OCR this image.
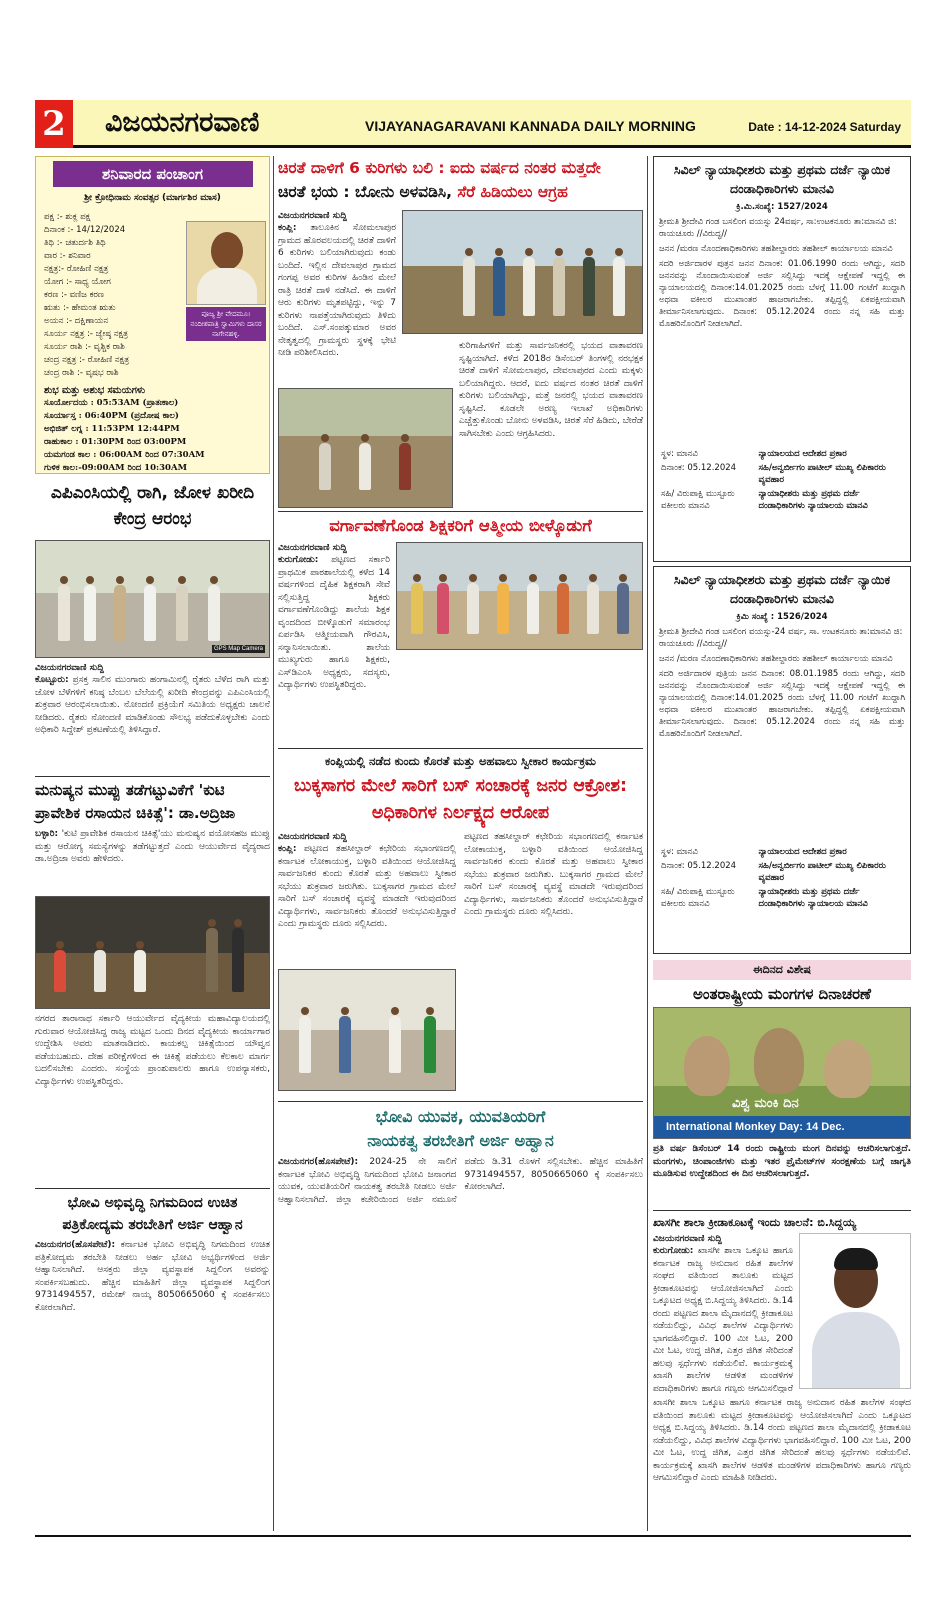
2 ವಿಜಯನಗರವಾಣಿ	VIJAYANAGARAVANI KANNADA DAILY MORNING	Date : 14-12-2024 Saturday
ಶನಿವಾರದ ಪಂಚಾಂಗ
ಶ್ರೀ ಕ್ರೋಧಿನಾಮ ಸಂವತ್ಸರ (ಮಾರ್ಗಶಿರ ಮಾಸ)
ಪಕ್ಷ :- ಶುಕ್ಲ ಪಕ್ಷ
ದಿನಾಂಕ :- 14/12/2024
ತಿಥಿ :- ಚತುರ್ದಶಿ ತಿಥಿ
ವಾರ :- ಶನಿವಾರ
ನಕ್ಷತ್ರ:- ರೋಹಿಣಿ ನಕ್ಷತ್ರ
ಯೋಗ :- ಸಾಧ್ಯ ಯೋಗ
ಕರಣ :- ವಣಿಜ ಕರಣ
ಋತು :- ಹೇಮಂತ ಋತು
ಅಯನ :- ದಕ್ಷಿಣಾಯನ
ಸೂರ್ಯ ನಕ್ಷತ್ರ :- ಜ್ಯೇಷ್ಠ ನಕ್ಷತ್ರ
ಸೂರ್ಯ ರಾಶಿ :- ವೃಶ್ಚಿಕ ರಾಶಿ
ಚಂದ್ರ ನಕ್ಷತ್ರ :- ರೋಹಿಣಿ ನಕ್ಷತ್ರ
ಚಂದ್ರ ರಾಶಿ :- ವೃಷಭ ರಾಶಿ
ಪೂಜ್ಯ ಶ್ರೀ ವೇದಮೂ। ನಂದೀಶಪಾತ್ರಿ ಸ್ವಾಮಿಗಳು ದಾಸರ ನಾಗೇನಹಳ್ಳಿ.
ಶುಭ ಮತ್ತು ಅಶುಭ ಸಮಯಗಳು
ಸೂರ್ಯೋದಯ : 05:53AM (ಪ್ರಾತಃಕಾಲ)
ಸೂರ್ಯಾಸ್ತ : 06:40PM (ಪ್ರದೋಷ ಕಾಲ)
ಅಭಿಜಿತ್ ಲಗ್ನ : 11:53PM 12:44PM
ರಾಹುಕಾಲ : 01:30PM ರಿಂದ 03:00PM
ಯಮಗಂಡ ಕಾಲ : 06:00AM ರಿಂದ 07:30AM
ಗುಳಿಕ ಕಾಲ:-09:00AM ರಿಂದ 10:30AM
ಎಪಿಎಂಸಿಯಲ್ಲಿ ರಾಗಿ, ಜೋಳ ಖರೀದಿ ಕೇಂದ್ರ ಆರಂಭ
GPS Map Camera
ವಿಜಯನಗರವಾಣಿ ಸುದ್ದಿ

ಕೊಟ್ಟೂರು: ಪ್ರಸಕ್ತ ಸಾಲಿನ ಮುಂಗಾರು ಹಂಗಾಮಿನಲ್ಲಿ ರೈತರು ಬೆಳೆದ ರಾಗಿ ಮತ್ತು ಜೋಳ ಬೆಳೆಗಳಿಗೆ ಕನಿಷ್ಠ ಬೆಂಬಲ ಬೆಲೆಯಲ್ಲಿ ಖರೀದಿ ಕೇಂದ್ರವನ್ನು ಎಪಿಎಂಸಿಯಲ್ಲಿ ಶುಕ್ರವಾರ ಆರಂಭಿಸಲಾಯಿತು. ನೋಂದಣಿ ಪ್ರಕ್ರಿಯೆಗೆ ಸಮಿತಿಯ ಅಧ್ಯಕ್ಷರು ಚಾಲನೆ ನೀಡಿದರು. ರೈತರು ನೋಂದಣಿ ಮಾಡಿಕೊಂಡು ಸೌಲಭ್ಯ ಪಡೆದುಕೊಳ್ಳಬೇಕು ಎಂದು ಅಧಿಕಾರಿ ಸಿದ್ದೇಶ್ ಪ್ರಕಟಣೆಯಲ್ಲಿ ತಿಳಿಸಿದ್ದಾರೆ.

ಮನುಷ್ಯನ ಮುಪ್ಪು ತಡೆಗಟ್ಟುವಿಕೆಗೆ 'ಕುಟಿ ಪ್ರಾವೇಶಿಕ ರಸಾಯನ ಚಿಕಿತ್ಸೆ': ಡಾ.ಅದ್ರಿಜಾ

ಬಳ್ಳಾರಿ: 'ಕುಟಿ ಪ್ರಾವೇಶಿಕ ರಸಾಯನ ಚಿಕಿತ್ಸೆ'ಯು ಮನುಷ್ಯನ ವಯೋಸಹಜ ಮುಪ್ಪು ಮತ್ತು ಆರೋಗ್ಯ ಸಮಸ್ಯೆಗಳನ್ನು ತಡೆಗಟ್ಟುತ್ತದೆ ಎಂದು ಆಯುರ್ವೇದ ವೈದ್ಯರಾದ ಡಾ.ಅದ್ರಿಜಾ ಅವರು ಹೇಳಿದರು.

ನಗರದ ತಾರಾನಾಥ ಸರ್ಕಾರಿ ಆಯುರ್ವೇದ ವೈದ್ಯಕೀಯ ಮಹಾವಿದ್ಯಾಲಯದಲ್ಲಿ ಗುರುವಾರ ಆಯೋಜಿಸಿದ್ದ ರಾಜ್ಯ ಮಟ್ಟದ ಒಂದು ದಿನದ ವೈದ್ಯಕೀಯ ಕಾರ್ಯಾಗಾರ ಉದ್ದೇಶಿಸಿ ಅವರು ಮಾತನಾಡಿದರು. ಕಾಯಕಲ್ಪ ಚಿಕಿತ್ಸೆಯಿಂದ ಯೌವ್ವನ ಪಡೆಯಬಹುದು. ದೇಹ ಪರೀಕ್ಷೆಗಳಿಂದ ಈ ಚಿಕಿತ್ಸೆ ಪಡೆಯಲು ಕೆಲಕಾಲ ಮಾರ್ಗ ಬದಲಿಸಬೇಕು ಎಂದರು. ಸಂಸ್ಥೆಯ ಪ್ರಾಂಶುಪಾಲರು ಹಾಗೂ ಉಪನ್ಯಾಸಕರು, ವಿದ್ಯಾರ್ಥಿಗಳು ಉಪಸ್ಥಿತರಿದ್ದರು.

ಭೋವಿ ಅಭಿವೃದ್ಧಿ ನಿಗಮದಿಂದ ಉಚಿತ ಪತ್ರಿಕೋದ್ಯಮ ತರಬೇತಿಗೆ ಅರ್ಜಿ ಆಹ್ವಾನ

ವಿಜಯನಗರ(ಹೊಸಪೇಟೆ): ಕರ್ನಾಟಕ ಭೋವಿ ಅಭಿವೃದ್ಧಿ ನಿಗಮದಿಂದ ಉಚಿತ ಪತ್ರಿಕೋದ್ಯಮ ತರಬೇತಿ ನೀಡಲು ಅರ್ಹ ಭೋವಿ ಅಭ್ಯರ್ಥಿಗಳಿಂದ ಅರ್ಜಿ ಆಹ್ವಾನಿಸಲಾಗಿದೆ. ಆಸಕ್ತರು ಜಿಲ್ಲಾ ವ್ಯವಸ್ಥಾಪಕ ಸಿದ್ದಲಿಂಗ ಅವರನ್ನು ಸಂಪರ್ಕಿಸಬಹುದು. ಹೆಚ್ಚಿನ ಮಾಹಿತಿಗೆ ಜಿಲ್ಲಾ ವ್ಯವಸ್ಥಾಪಕ ಸಿದ್ದಲಿಂಗ 9731494557, ರಮೇಶ್ ನಾಯ್ಕ 8050665060 ಕ್ಕೆ ಸಂಪರ್ಕಿಸಲು ಕೋರಲಾಗಿದೆ.

ಚಿರತೆ ದಾಳಿಗೆ 6 ಕುರಿಗಳು ಬಲಿ : ಐದು ವರ್ಷದ ನಂತರ ಮತ್ತದೇ
ಚಿರತೆ ಭಯ : ಬೋನು ಅಳವಡಿಸಿ, ಸೆರೆ ಹಿಡಿಯಲು ಆಗ್ರಹ
ವಿಜಯನಗರವಾಣಿ ಸುದ್ದಿ

ಕಂಪ್ಲಿ: ತಾಲೂಕಿನ ಸೋಮಲಾಪುರ ಗ್ರಾಮದ ಹೊರವಲಯದಲ್ಲಿ ಚಿರತೆ ದಾಳಿಗೆ 6 ಕುರಿಗಳು ಬಲಿಯಾಗಿರುವುದು ಕಂಡು ಬಂದಿದೆ. ಇಲ್ಲಿನ ದೇವಲಾಪುರ ಗ್ರಾಮದ ಗಂಗಪ್ಪ ಅವರ ಕುರಿಗಳ ಹಿಂಡಿನ ಮೇಲೆ ರಾತ್ರಿ ಚಿರತೆ ದಾಳಿ ನಡೆಸಿದೆ. ಈ ದಾಳಿಗೆ ಆರು ಕುರಿಗಳು ಮೃತಪಟ್ಟಿದ್ದು, ಇನ್ನು 7 ಕುರಿಗಳು ನಾಪತ್ತೆಯಾಗಿರುವುದು ತಿಳಿದು ಬಂದಿದೆ. ಎಸ್.ಸಂಪತ್ಕುಮಾರ ಅವರ ನೇತೃತ್ವದಲ್ಲಿ ಗ್ರಾಮಸ್ಥರು ಸ್ಥಳಕ್ಕೆ ಭೇಟಿ ನೀಡಿ ಪರಿಶೀಲಿಸಿದರು.

ಕುರಿಗಾಹಿಗಳಿಗೆ ಮತ್ತು ಸಾರ್ವಜನಿಕರಲ್ಲಿ ಭಯದ ವಾತಾವರಣ ಸೃಷ್ಟಿಯಾಗಿದೆ. ಕಳೆದ 2018ರ ಡಿಸೆಂಬರ್ ತಿಂಗಳಲ್ಲಿ ನರಭಕ್ಷಕ ಚಿರತೆ ದಾಳಿಗೆ ಸೋಮಲಾಪುರ, ದೇವಲಾಪುರದ ಎಂದು ಮಕ್ಕಳು ಬಲಿಯಾಗಿದ್ದರು. ಆದರೆ, ಐದು ವರ್ಷದ ನಂತರ ಚಿರತೆ ದಾಳಿಗೆ ಕುರಿಗಳು ಬಲಿಯಾಗಿದ್ದು, ಮತ್ತೆ ಜನರಲ್ಲಿ ಭಯದ ವಾತಾವರಣ ಸೃಷ್ಟಿಸಿದೆ. ಕೂಡಲೇ ಅರಣ್ಯ ಇಲಾಖೆ ಅಧಿಕಾರಿಗಳು ಎಚ್ಚೆತ್ತುಕೊಂಡು ಬೋನು ಅಳವಡಿಸಿ, ಚಿರತೆ ಸೆರೆ ಹಿಡಿದು, ಬೇರೆಡೆ ಸಾಗಿಸಬೇಕು ಎಂದು ಆಗ್ರಹಿಸಿದರು.

ವರ್ಗಾವಣೆಗೊಂಡ ಶಿಕ್ಷಕರಿಗೆ ಆತ್ಮೀಯ ಬೀಳ್ಕೊಡುಗೆ
ವಿಜಯನಗರವಾಣಿ ಸುದ್ದಿ

ಕುರುಗೋಡು: ಪಟ್ಟಣದ ಸರ್ಕಾರಿ ಪ್ರಾಥಮಿಕ ಪಾಠಶಾಲೆಯಲ್ಲಿ ಕಳೆದ 14 ವರ್ಷಗಳಿಂದ ದೈಹಿಕ ಶಿಕ್ಷಕರಾಗಿ ಸೇವೆ ಸಲ್ಲಿಸುತ್ತಿದ್ದ ಶಿಕ್ಷಕರು ವರ್ಗಾವಣೆಗೊಂಡಿದ್ದು ಶಾಲೆಯ ಶಿಕ್ಷಕ ವೃಂದದಿಂದ ಬೀಳ್ಕೊಡುಗೆ ಸಮಾರಂಭ ಏರ್ಪಡಿಸಿ ಆತ್ಮೀಯವಾಗಿ ಗೌರವಿಸಿ, ಸನ್ಮಾನಿಸಲಾಯಿತು. ಶಾಲೆಯ ಮುಖ್ಯಗುರು ಹಾಗೂ ಶಿಕ್ಷಕರು, ಎಸ್‌ಡಿಎಂಸಿ ಅಧ್ಯಕ್ಷರು, ಸದಸ್ಯರು, ವಿದ್ಯಾರ್ಥಿಗಳು ಉಪಸ್ಥಿತರಿದ್ದರು.

ಕಂಪ್ಲಿಯಲ್ಲಿ ನಡೆದ ಕುಂದು ಕೊರತೆ ಮತ್ತು ಅಹವಾಲು ಸ್ವೀಕಾರ ಕಾರ್ಯಕ್ರಮ
ಬುಕ್ಕಸಾಗರ ಮೇಲೆ ಸಾರಿಗೆ ಬಸ್ ಸಂಚಾರಕ್ಕೆ ಜನರ ಆಕ್ರೋಶ: ಅಧಿಕಾರಿಗಳ ನಿರ್ಲಕ್ಷ್ಯದ ಆರೋಪ
ವಿಜಯನಗರವಾಣಿ ಸುದ್ದಿ

ಕಂಪ್ಲಿ: ಪಟ್ಟಣದ ತಹಸೀಲ್ದಾರ್ ಕಛೇರಿಯ ಸಭಾಂಗಣದಲ್ಲಿ ಕರ್ನಾಟಕ ಲೋಕಾಯುಕ್ತ, ಬಳ್ಳಾರಿ ವತಿಯಿಂದ ಆಯೋಜಿಸಿದ್ದ ಸಾರ್ವಜನಿಕರ ಕುಂದು ಕೊರತೆ ಮತ್ತು ಅಹವಾಲು ಸ್ವೀಕಾರ ಸಭೆಯು ಶುಕ್ರವಾರ ಜರುಗಿತು. ಬುಕ್ಕಸಾಗರ ಗ್ರಾಮದ ಮೇಲೆ ಸಾರಿಗೆ ಬಸ್ ಸಂಚಾರಕ್ಕೆ ವ್ಯವಸ್ಥೆ ಮಾಡದೇ ಇರುವುದರಿಂದ ವಿದ್ಯಾರ್ಥಿಗಳು, ಸಾರ್ವಜನಿಕರು ತೊಂದರೆ ಅನುಭವಿಸುತ್ತಿದ್ದಾರೆ ಎಂದು ಗ್ರಾಮಸ್ಥರು ದೂರು ಸಲ್ಲಿಸಿದರು.

ಪಟ್ಟಣದ ತಹಸೀಲ್ದಾರ್ ಕಛೇರಿಯ ಸಭಾಂಗಣದಲ್ಲಿ ಕರ್ನಾಟಕ ಲೋಕಾಯುಕ್ತ, ಬಳ್ಳಾರಿ ವತಿಯಿಂದ ಆಯೋಜಿಸಿದ್ದ ಸಾರ್ವಜನಿಕರ ಕುಂದು ಕೊರತೆ ಮತ್ತು ಅಹವಾಲು ಸ್ವೀಕಾರ ಸಭೆಯು ಶುಕ್ರವಾರ ಜರುಗಿತು. ಬುಕ್ಕಸಾಗರ ಗ್ರಾಮದ ಮೇಲೆ ಸಾರಿಗೆ ಬಸ್ ಸಂಚಾರಕ್ಕೆ ವ್ಯವಸ್ಥೆ ಮಾಡದೇ ಇರುವುದರಿಂದ ವಿದ್ಯಾರ್ಥಿಗಳು, ಸಾರ್ವಜನಿಕರು ತೊಂದರೆ ಅನುಭವಿಸುತ್ತಿದ್ದಾರೆ ಎಂದು ಗ್ರಾಮಸ್ಥರು ದೂರು ಸಲ್ಲಿಸಿದರು.

ಭೋವಿ ಯುವಕ, ಯುವತಿಯರಿಗೆ
ನಾಯಕತ್ವ ತರಬೇತಿಗೆ ಅರ್ಜಿ ಅಹ್ವಾನ

ವಿಜಯನಗರ(ಹೊಸಪೇಟೆ): 2024-25 ನೇ ಸಾಲಿಗೆ ಕರ್ನಾಟಕ ಭೋವಿ ಅಭಿವೃದ್ಧಿ ನಿಗಮದಿಂದ ಭೋವಿ ಜನಾಂಗದ ಯುವಕ, ಯುವತಿಯರಿಗೆ ನಾಯಕತ್ವ ತರಬೇತಿ ನೀಡಲು ಅರ್ಜಿ ಆಹ್ವಾನಿಸಲಾಗಿದೆ. ಜಿಲ್ಲಾ ಕಚೇರಿಯಿಂದ ಅರ್ಜಿ ನಮೂನೆ ಪಡೆದು ಡಿ.31 ರೊಳಗೆ ಸಲ್ಲಿಸಬೇಕು. ಹೆಚ್ಚಿನ ಮಾಹಿತಿಗೆ 9731494557, 8050665060 ಕ್ಕೆ ಸಂಪರ್ಕಿಸಲು ಕೋರಲಾಗಿದೆ.

ಸಿವಿಲ್ ನ್ಯಾಯಾಧೀಶರು ಮತ್ತು ಪ್ರಥಮ ದರ್ಜೆ ನ್ಯಾಯಿಕ ದಂಡಾಧಿಕಾರಿಗಳು ಮಾನವಿ
ಕ್ರಿ.ಮಿ.ಸಂಖ್ಯೆ: 1527/2024
ಶ್ರೀಮತಿ ಶ್ರೀದೇವಿ ಗಂಡ ಬಸಲಿಂಗ ವಯಸ್ಸು 24ವರ್ಷ, ಸಾ:ಉಟಕನೂರು ತಾ:ಮಾನವಿ ಜಿ: ರಾಯಚೂರು //ವಿರುದ್ಧ//
ಜನನ /ಮರಣ ನೊಂದಣಾಧಿಕಾರಿಗಳು ತಹಶೀಲ್ದಾರರು ತಹಶೀಲ್ ಕಾರ್ಯಾಲಯ ಮಾನವಿ
ಸದರಿ ಅರ್ಜಿದಾರಳ ಪುತ್ರನ ಜನನ ದಿನಾಂಕ: 01.06.1990 ರಂದು ಆಗಿದ್ದು, ಸದರಿ ಜನನವನ್ನು ನೊಂದಾಯಿಸುವಂತೆ ಅರ್ಜಿ ಸಲ್ಲಿಸಿದ್ದು ಇದಕ್ಕೆ ಆಕ್ಷೇಪಣೆ ಇದ್ದಲ್ಲಿ ಈ ನ್ಯಾಯಾಲಯದಲ್ಲಿ ದಿನಾಂಕ:14.01.2025 ರಂದು ಬೆಳಗ್ಗೆ 11.00 ಗಂಟೆಗೆ ಖುದ್ದಾಗಿ ಅಥವಾ ವಕೀಲರ ಮುಖಾಂತರ ಹಾಜರಾಗಬೇಕು. ತಪ್ಪಿದ್ದಲ್ಲಿ ಏಕಪಕ್ಷೀಯವಾಗಿ ತೀರ್ಮಾನಿಸಲಾಗುವುದು. ದಿನಾಂಕ: 05.12.2024 ರಂದು ನನ್ನ ಸಹಿ ಮತ್ತು ಮೊಹರಿನೊಂದಿಗೆ ನೀಡಲಾಗಿದೆ.
ಸ್ಥಳ: ಮಾನವಿ	ನ್ಯಾಯಾಲಯದ ಆದೇಶದ ಪ್ರಕಾರ
ದಿನಾಂಕ: 05.12.2024	ಸಹಿ/ಅನ್ವರ್ಬೀಗಂ ಪಾಟೀಲ್ ಮುಖ್ಯ ಲಿಪಿಕಾರರು ವ್ಯವಹಾರ
ಸಹಿ/ ವಿರುಪಾಕ್ಷಿ ಮುಸ್ಟೂರು ವಕೀಲರು ಮಾನವಿ	ನ್ಯಾಯಾಧೀಶರು ಮತ್ತು ಪ್ರಥಮ ದರ್ಜೆ ದಂಡಾಧಿಕಾರಿಗಳು ನ್ಯಾಯಾಲಯ ಮಾನವಿ
ಸಿವಿಲ್ ನ್ಯಾಯಾಧೀಶರು ಮತ್ತು ಪ್ರಥಮ ದರ್ಜೆ ನ್ಯಾಯಿಕ ದಂಡಾಧಿಕಾರಿಗಳು ಮಾನವಿ
ಕ್ರಿಮಿ ಸಂಖ್ಯೆ : 1526/2024
ಶ್ರೀಮತಿ ಶ್ರೀದೇವಿ ಗಂಡ ಬಸಲಿಂಗ ವಯಸ್ಸು-24 ವರ್ಷ, ಸಾ. ಉಟಕನೂರು ತಾ:ಮಾನವಿ ಜಿ: ರಾಯಚೂರು //ವಿರುದ್ಧ//
ಜನನ /ಮರಣ ನೊಂದಣಾಧಿಕಾರಿಗಳು ತಹಶೀಲ್ದಾರರು ತಹಶೀಲ್ ಕಾರ್ಯಾಲಯ ಮಾನವಿ
ಸದರಿ ಅರ್ಜಿದಾರಳ ಪುತ್ರಿಯ ಜನನ ದಿನಾಂಕ: 08.01.1985 ರಂದು ಆಗಿದ್ದು, ಸದರಿ ಜನನವನ್ನು ನೊಂದಾಯಿಸುವಂತೆ ಅರ್ಜಿ ಸಲ್ಲಿಸಿದ್ದು ಇದಕ್ಕೆ ಆಕ್ಷೇಪಣೆ ಇದ್ದಲ್ಲಿ ಈ ನ್ಯಾಯಾಲಯದಲ್ಲಿ ದಿನಾಂಕ:14.01.2025 ರಂದು ಬೆಳಗ್ಗೆ 11.00 ಗಂಟೆಗೆ ಖುದ್ದಾಗಿ ಅಥವಾ ವಕೀಲರ ಮುಖಾಂತರ ಹಾಜರಾಗಬೇಕು. ತಪ್ಪಿದ್ದಲ್ಲಿ ಏಕಪಕ್ಷೀಯವಾಗಿ ತೀರ್ಮಾನಿಸಲಾಗುವುದು. ದಿನಾಂಕ: 05.12.2024 ರಂದು ನನ್ನ ಸಹಿ ಮತ್ತು ಮೊಹರಿನೊಂದಿಗೆ ನೀಡಲಾಗಿದೆ.
ಸ್ಥಳ: ಮಾನವಿ	ನ್ಯಾಯಾಲಯದ ಆದೇಶದ ಪ್ರಕಾರ
ದಿನಾಂಕ: 05.12.2024	ಸಹಿ/ಅನ್ವರ್ಬೀಗಂ ಪಾಟೀಲ್ ಮುಖ್ಯ ಲಿಪಿಕಾರರು ವ್ಯವಹಾರ
ಸಹಿ/ ವಿರುಪಾಕ್ಷಿ ಮುಸ್ಟೂರು ವಕೀಲರು ಮಾನವಿ	ನ್ಯಾಯಾಧೀಶರು ಮತ್ತು ಪ್ರಥಮ ದರ್ಜೆ ದಂಡಾಧಿಕಾರಿಗಳು ನ್ಯಾಯಾಲಯ ಮಾನವಿ
ಈದಿನದ ವಿಶೇಷ
ಅಂತರಾಷ್ಟ್ರೀಯ ಮಂಗಗಳ ದಿನಾಚರಣೆ
ವಿಶ್ವ ಮಂಕಿ ದಿನ
International Monkey Day: 14 Dec.
ಪ್ರತಿ ವರ್ಷ ಡಿಸೆಂಬರ್ 14 ರಂದು ರಾಷ್ಟ್ರೀಯ ಮಂಗ ದಿನವನ್ನು ಆಚರಿಸಲಾಗುತ್ತದೆ. ಮಂಗಗಳು, ಚಿಂಪಾಂಜಿಗಳು ಮತ್ತು ಇತರ ಪ್ರೈಮೇಟ್‌ಗಳ ಸಂರಕ್ಷಣೆಯ ಬಗ್ಗೆ ಜಾಗೃತಿ ಮೂಡಿಸುವ ಉದ್ದೇಶದಿಂದ ಈ ದಿನ ಆಚರಿಸಲಾಗುತ್ತದೆ.
ಖಾಸಗೀ ಶಾಲಾ ಕ್ರೀಡಾಕೂಟಕ್ಕೆ ಇಂದು ಚಾಲನೆ: ಬಿ.ಸಿದ್ದಯ್ಯ
ವಿಜಯನಗರವಾಣಿ ಸುದ್ದಿ

ಕುರುಗೋಡು: ಖಾಸಗೀ ಶಾಲಾ ಒಕ್ಕೂಟ ಹಾಗೂ ಕರ್ನಾಟಕ ರಾಜ್ಯ ಅನುದಾನ ರಹಿತ ಶಾಲೆಗಳ ಸಂಘದ ವತಿಯಿಂದ ತಾಲೂಕು ಮಟ್ಟದ ಕ್ರೀಡಾಕೂಟವನ್ನು ಆಯೋಜಿಸಲಾಗಿದೆ ಎಂದು ಒಕ್ಕೂಟದ ಅಧ್ಯಕ್ಷ ಬಿ.ಸಿದ್ದಯ್ಯ ತಿಳಿಸಿದರು. ಡಿ.14 ರಂದು ಪಟ್ಟಣದ ಶಾಲಾ ಮೈದಾನದಲ್ಲಿ ಕ್ರೀಡಾಕೂಟ ನಡೆಯಲಿದ್ದು, ವಿವಿಧ ಶಾಲೆಗಳ ವಿದ್ಯಾರ್ಥಿಗಳು ಭಾಗವಹಿಸಲಿದ್ದಾರೆ. 100 ಮೀ ಓಟ, 200 ಮೀ ಓಟ, ಉದ್ದ ಜಿಗಿತ, ಎತ್ತರ ಜಿಗಿತ ಸೇರಿದಂತೆ ಹಲವು ಸ್ಪರ್ಧೆಗಳು ನಡೆಯಲಿವೆ. ಕಾರ್ಯಕ್ರಮಕ್ಕೆ ಖಾಸಗಿ ಶಾಲೆಗಳ ಆಡಳಿತ ಮಂಡಳಿಗಳ ಪದಾಧಿಕಾರಿಗಳು ಹಾಗೂ ಗಣ್ಯರು ಆಗಮಿಸಲಿದ್ದಾರೆ

ಖಾಸಗೀ ಶಾಲಾ ಒಕ್ಕೂಟ ಹಾಗೂ ಕರ್ನಾಟಕ ರಾಜ್ಯ ಅನುದಾನ ರಹಿತ ಶಾಲೆಗಳ ಸಂಘದ ವತಿಯಿಂದ ತಾಲೂಕು ಮಟ್ಟದ ಕ್ರೀಡಾಕೂಟವನ್ನು ಆಯೋಜಿಸಲಾಗಿದೆ ಎಂದು ಒಕ್ಕೂಟದ ಅಧ್ಯಕ್ಷ ಬಿ.ಸಿದ್ದಯ್ಯ ತಿಳಿಸಿದರು. ಡಿ.14 ರಂದು ಪಟ್ಟಣದ ಶಾಲಾ ಮೈದಾನದಲ್ಲಿ ಕ್ರೀಡಾಕೂಟ ನಡೆಯಲಿದ್ದು, ವಿವಿಧ ಶಾಲೆಗಳ ವಿದ್ಯಾರ್ಥಿಗಳು ಭಾಗವಹಿಸಲಿದ್ದಾರೆ. 100 ಮೀ ಓಟ, 200 ಮೀ ಓಟ, ಉದ್ದ ಜಿಗಿತ, ಎತ್ತರ ಜಿಗಿತ ಸೇರಿದಂತೆ ಹಲವು ಸ್ಪರ್ಧೆಗಳು ನಡೆಯಲಿವೆ. ಕಾರ್ಯಕ್ರಮಕ್ಕೆ ಖಾಸಗಿ ಶಾಲೆಗಳ ಆಡಳಿತ ಮಂಡಳಿಗಳ ಪದಾಧಿಕಾರಿಗಳು ಹಾಗೂ ಗಣ್ಯರು ಆಗಮಿಸಲಿದ್ದಾರೆ ಎಂದು ಮಾಹಿತಿ ನೀಡಿದರು.
